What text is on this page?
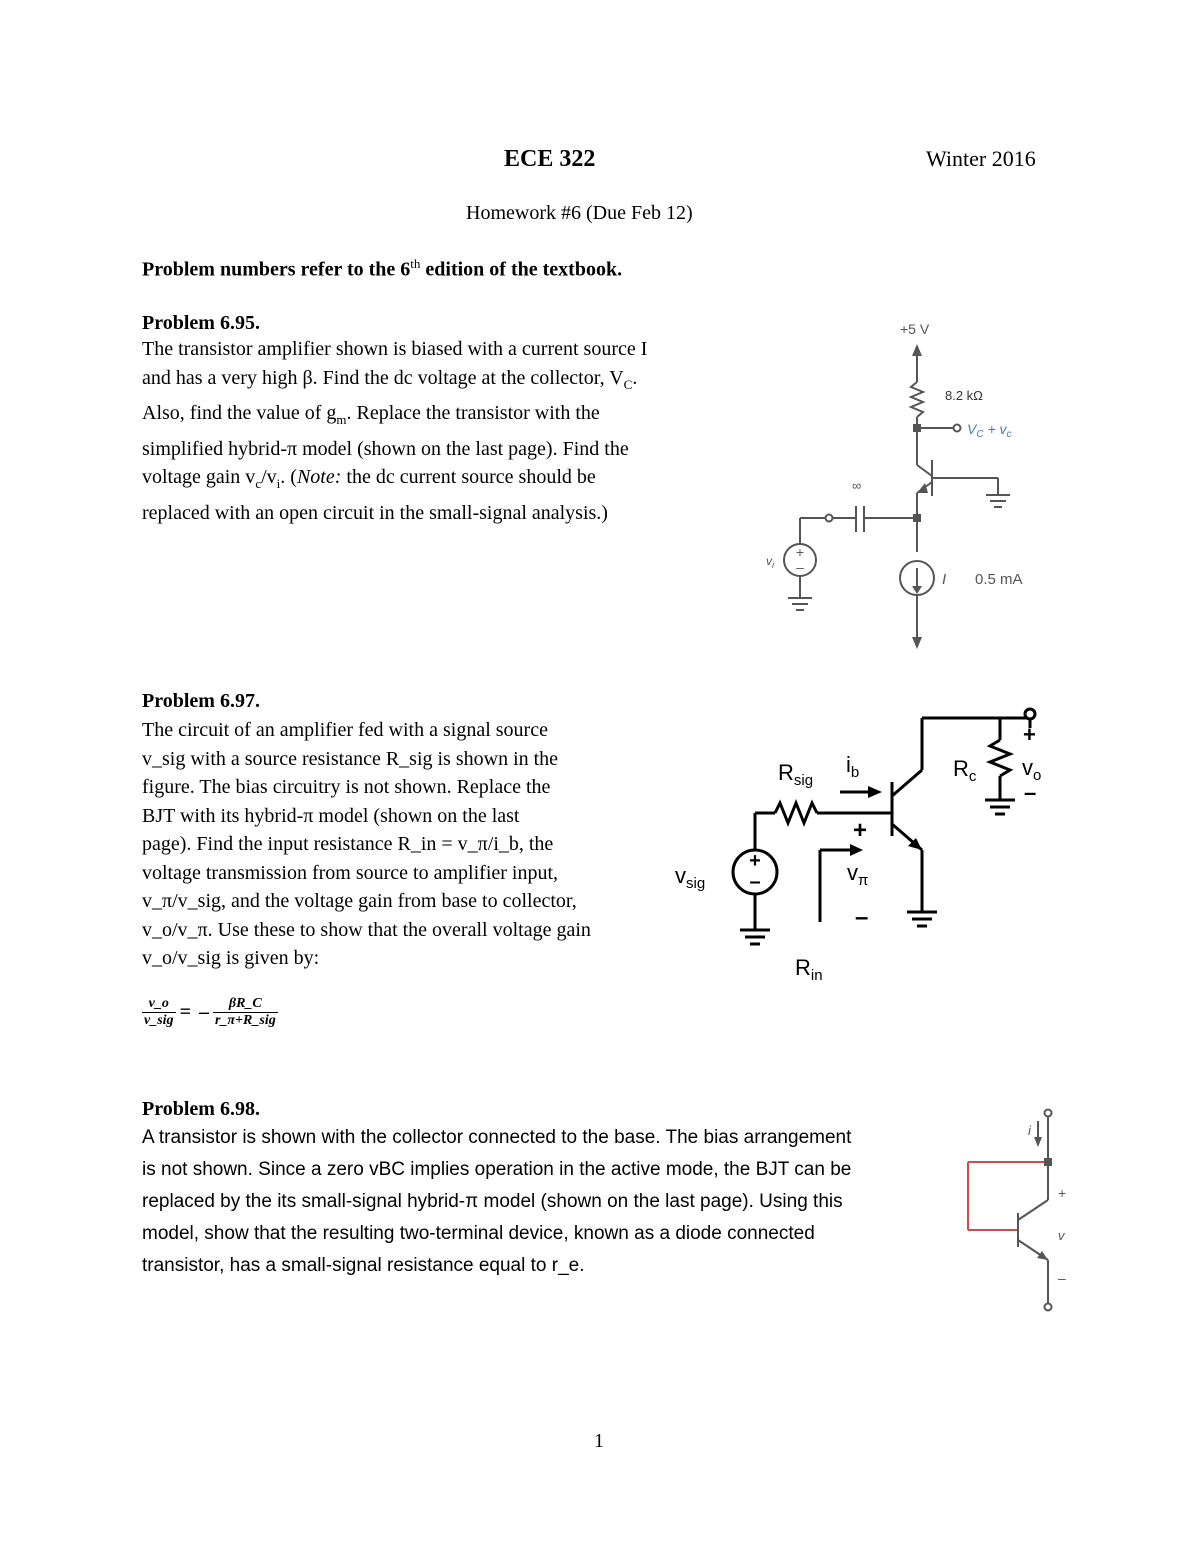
ECE 322	Winter 2016
Homework #6 (Due Feb 12)
Problem numbers refer to the 6th edition of the textbook.
Problem 6.95.

The transistor amplifier shown is biased with a current source I

and has a very high β. Find the dc voltage at the collector, $V_C$.

Also, find the value of $g_m$. Replace the transistor with the

simplified hybrid-π model (shown on the last page). Find the

voltage gain $v_c/v_i$. (Note: the dc current source should be

replaced with an open circuit in the small-signal analysis.)

+
–
+5 V
8.2 kΩ
$V_C + v_c$
∞
$v_i$
I 0.5 mA
Problem 6.97.

The circuit of an amplifier fed with a signal source

v_sig with a source resistance R_sig is shown in the

figure. The bias circuitry is not shown. Replace the

BJT with its hybrid-π model (shown on the last

page). Find the input resistance R_in = v_π/i_b, the

voltage transmission from source to amplifier input,

v_π/v_sig, and the voltage gain from base to collector,

v_o/v_π. Use these to show that the overall voltage gain

v_o/v_sig is given by:

v_o
v_sig = –	βR_C
r_π+R_sig
+
–
$v_{sig}$
$R_{sig}$
$i_b$
+
$v_\pi$
–
$R_{in}$
$R_c$
+
$v_o$
–
Problem 6.98.

A transistor is shown with the collector connected to the base. The bias arrangement

is not shown. Since a zero vBC implies operation in the active mode, the BJT can be

replaced by the its small-signal hybrid-π model (shown on the last page). Using this

model, show that the resulting two-terminal device, known as a diode connected

transistor, has a small-signal resistance equal to r_e.

i
+
v
–
1
